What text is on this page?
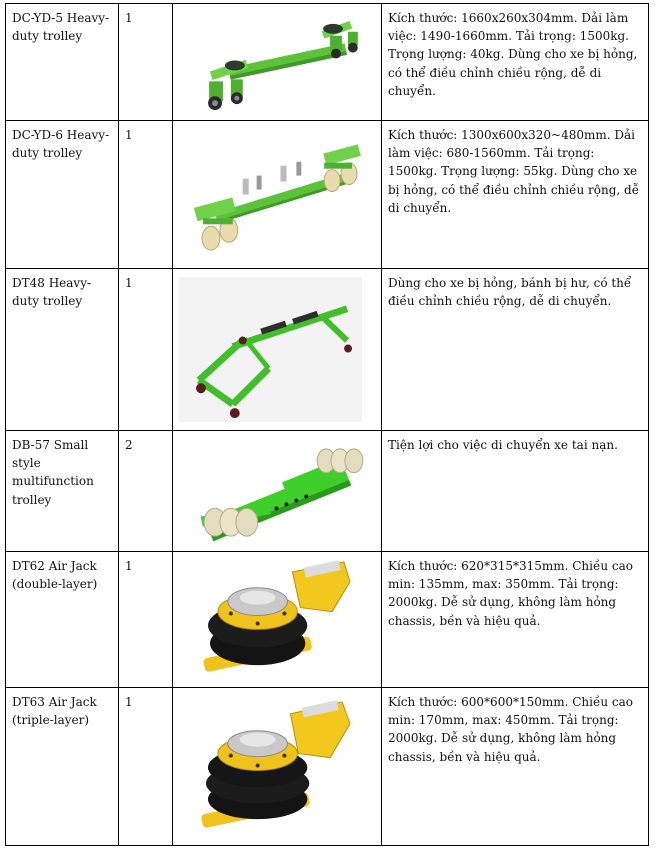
DC-YD-5 Heavy-duty trolley	1		Kích thước: 1660x260x304mm. Dải làm việc: 1490-1660mm. Tải trọng: 1500kg. Trọng lượng: 40kg. Dùng cho xe bị hỏng, có thể điều chỉnh chiều rộng, dễ di chuyển.
DC-YD-6 Heavy-duty trolley	1		Kích thước: 1300x600x320~480mm. Dải làm việc: 680-1560mm. Tải trọng: 1500kg. Trọng lượng: 55kg. Dùng cho xe bị hỏng, có thể điều chỉnh chiều rộng, dễ di chuyển.
DT48 Heavy-duty trolley	1		Dùng cho xe bị hỏng, bánh bị hư, có thể điều chỉnh chiều rộng, dễ di chuyển.
DB-57 Small style multifunction trolley	2		Tiện lợi cho việc di chuyển xe tai nạn.
DT62 Air Jack (double-layer)	1		Kích thước: 620*315*315mm. Chiều cao min: 135mm, max: 350mm. Tải trọng: 2000kg. Dễ sử dụng, không làm hỏng chassis, bền và hiệu quả.
DT63 Air Jack (triple-layer)	1		Kích thước: 600*600*150mm. Chiều cao min: 170mm, max: 450mm. Tải trọng: 2000kg. Dễ sử dụng, không làm hỏng chassis, bền và hiệu quả.
